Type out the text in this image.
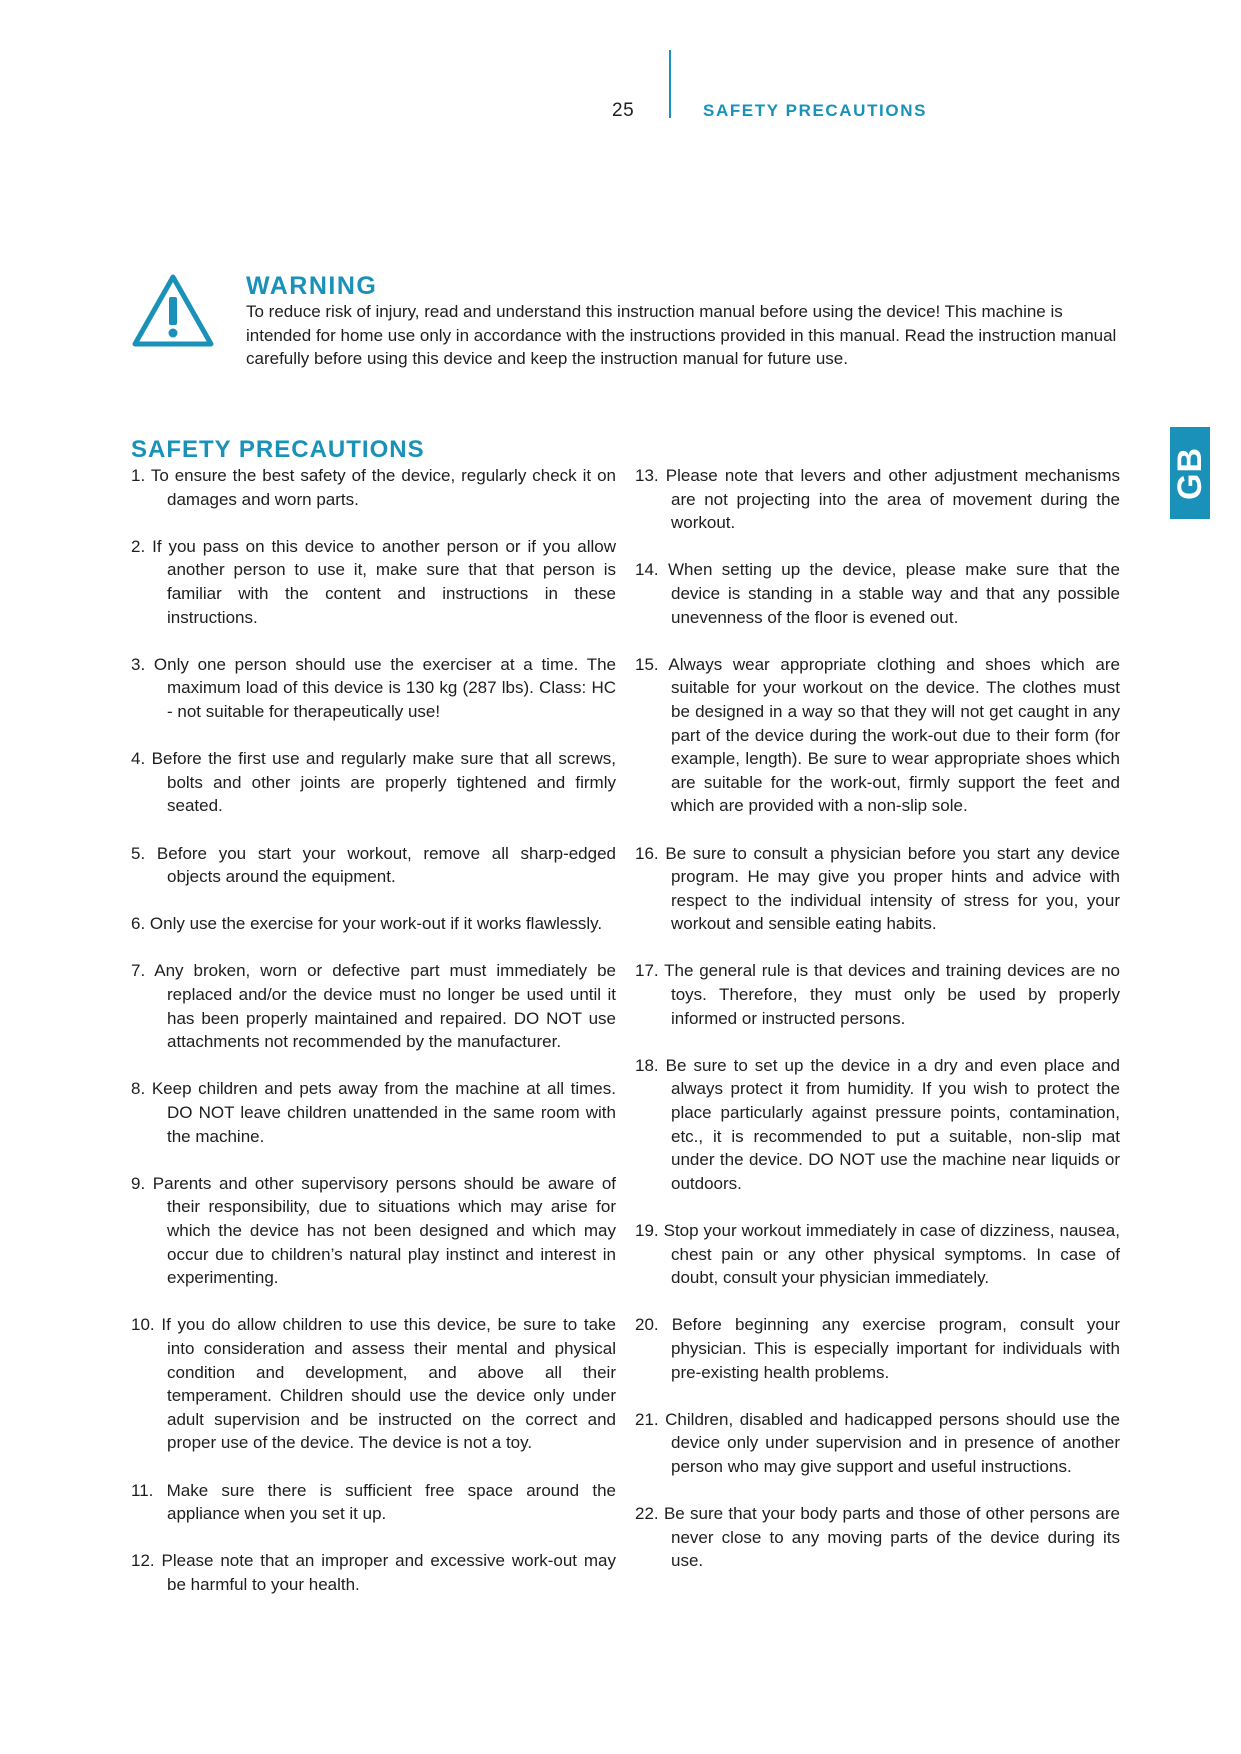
25	SAFETY PRECAUTIONS
GB
WARNING

To reduce risk of injury, read and understand this instruction manual before using the device! This machine is intended for home use only in accordance with the instructions provided in this manual. Read the instruction manual carefully before using this device and keep the instruction manual for future use.

SAFETY PRECAUTIONS

1. To ensure the best safety of the device, regularly check it on damages and worn parts.

2. If you pass on this device to another person or if you allow another person to use it, make sure that that person is familiar with the content and instructions in these instructions.

3. Only one person should use the exerciser at a time. The maximum load of this device is 130 kg (287 lbs). Class: HC - not suitable for therapeutically use!

4. Before the first use and regularly make sure that all screws, bolts and other joints are properly tightened and firmly seated.

5. Before you start your workout, remove all sharp-edged objects around the equipment.

6. Only use the exercise for your work-out if it works flawlessly.

7. Any broken, worn or defective part must immediately be replaced and/or the device must no longer be used until it has been properly maintained and repaired. DO NOT use attachments not recommended by the manufacturer.

8. Keep children and pets away from the machine at all times. DO NOT leave children unattended in the same room with the machine.

9. Parents and other supervisory persons should be aware of their responsibility, due to situations which may arise for which the device has not been designed and which may occur due to children’s natural play instinct and interest in experimenting.

10. If you do allow children to use this device, be sure to take into consideration and assess their mental and physical condition and development, and above all their temperament. Children should use the device only under adult supervision and be instructed on the correct and proper use of the device. The device is not a toy.

11. Make sure there is sufficient free space around the appliance when you set it up.

12. Please note that an improper and excessive work-out may be harmful to your health.

13. Please note that levers and other adjustment mechanisms are not projecting into the area of movement during the workout.

14. When setting up the device, please make sure that the device is standing in a stable way and that any possible unevenness of the floor is evened out.

15. Always wear appropriate clothing and shoes which are suitable for your workout on the device. The clothes must be designed in a way so that they will not get caught in any part of the device during the work-out due to their form (for example, length). Be sure to wear appropriate shoes which are suitable for the work-out, firmly support the feet and which are provided with a non-slip sole.

16. Be sure to consult a physician before you start any device program. He may give you proper hints and advice with respect to the individual intensity of stress for you, your workout and sensible eating habits.

17. The general rule is that devices and training devices are no toys. Therefore, they must only be used by properly informed or instructed persons.

18. Be sure to set up the device in a dry and even place and always protect it from humidity. If you wish to protect the place particularly against pressure points, contamination, etc., it is recommended to put a suitable, non-slip mat under the device. DO NOT use the machine near liquids or outdoors.

19. Stop your workout immediately in case of dizziness, nausea, chest pain or any other physical symptoms. In case of doubt, consult your physician immediately.

20. Before beginning any exercise program, consult your physician. This is especially important for individuals with pre-existing health problems.

21. Children, disabled and hadicapped persons should use the device only under supervision and in presence of another person who may give support and useful instructions.

22. Be sure that your body parts and those of other persons are never close to any moving parts of the device during its use.
